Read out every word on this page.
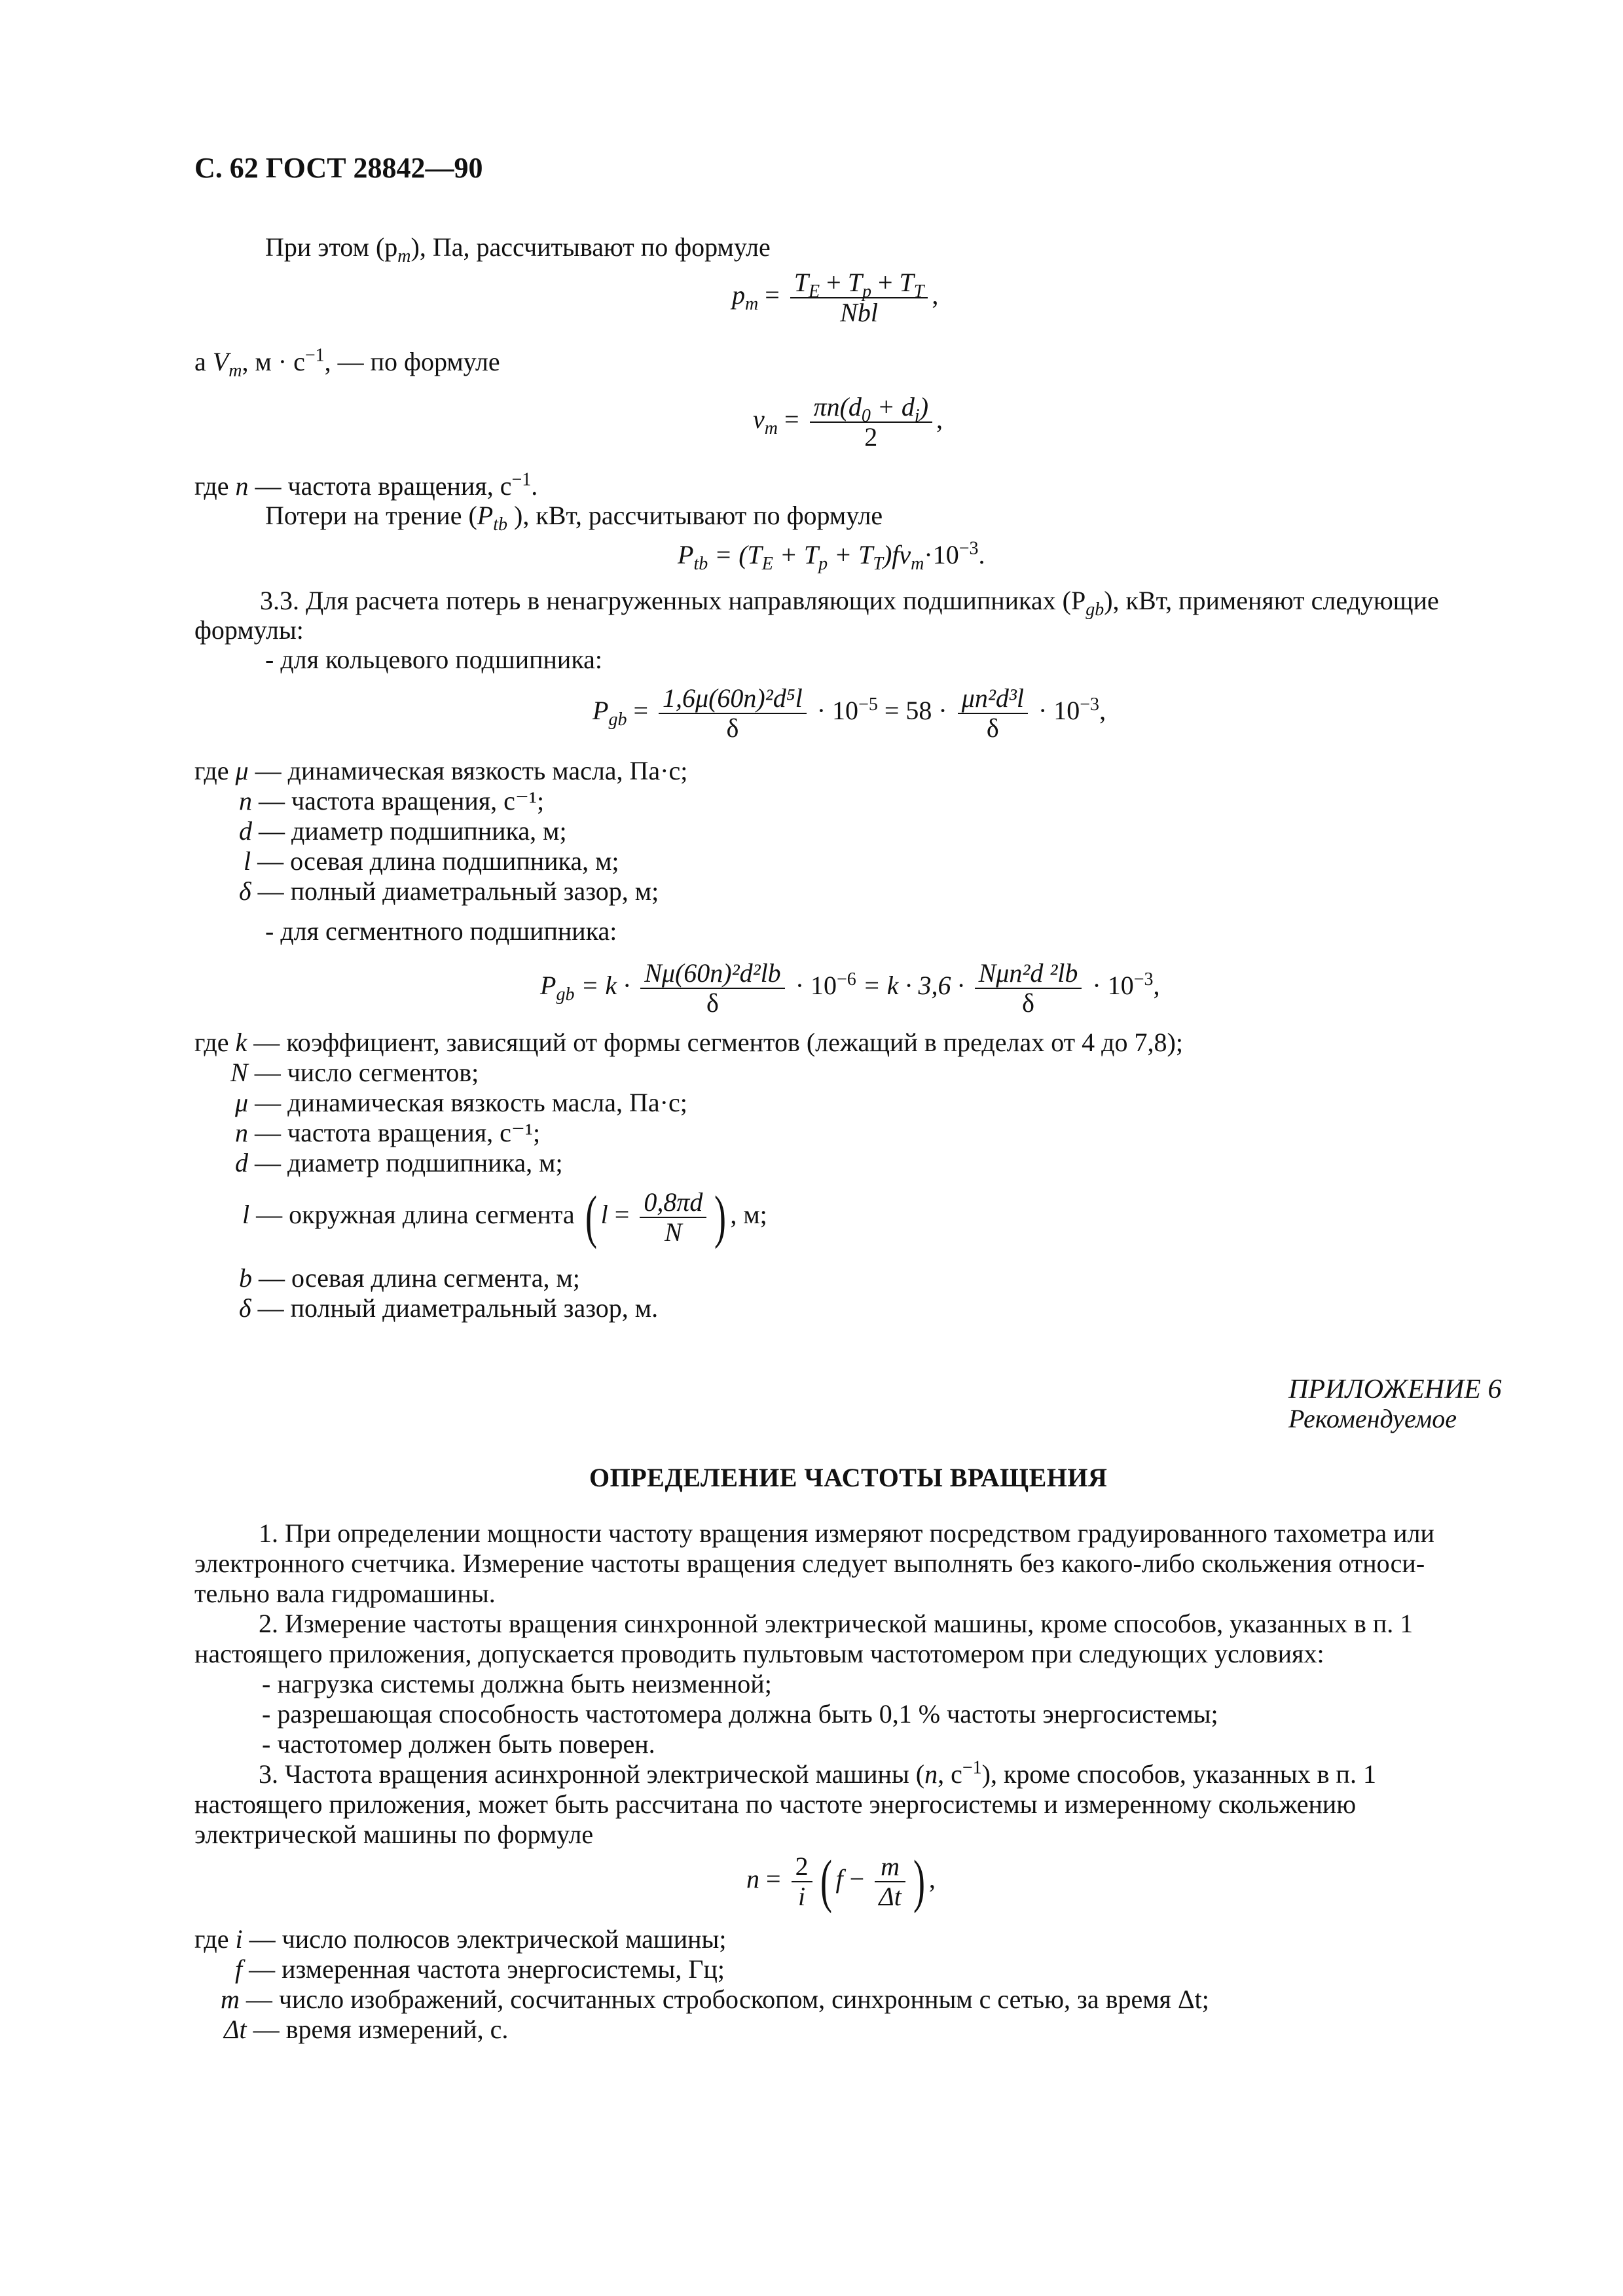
С. 62 ГОСТ 28842—90
При этом $(p_m)$, Па, рассчитывают по формуле
$p_m = \frac{T_E + T_p + T_T}{\text{Nbl}}$ ,
а $V_m$, $м \cdot с^{-1}$, — по формуле
$v_m = \frac{\pi n(d_0 + d_i)}{2}$ ,
где n — частота вращения, $с^{-1}$.
Потери на трение ($P_{tb}$ ), кВт, рассчитывают по формуле
$P_{tb} = (T_E + T_p + T_T)fv_m\cdot 10^{-3}$.
3.3. Для расчета потерь в ненагруженных направляющих подшипниках $(P_{gb})$, кВт, применяют следующие
формулы:
- для кольцевого подшипника:
$P_{gb} = \frac{\text{1,6μ(60n)²d⁵l}}{\delta} \cdot 10^{-5} = 58 \cdot \frac{\text{μn²d³l}}{\delta} \cdot 10^{-3}$,
где μ — динамическая вязкость масла, Па·с;
n — частота вращения, с⁻¹;
d — диаметр подшипника, м;
l — осевая длина подшипника, м;
δ — полный диаметральный зазор, м;
- для сегментного подшипника:
$P_{gb} = k \cdot \frac{\text{Nμ(60n)²d²lb}}{\delta} \cdot 10^{-6} = k \cdot 3,6 \cdot \frac{\text{Nμn²d ²lb}}{\delta} \cdot 10^{-3}$,
где k — коэффициент, зависящий от формы сегментов (лежащий в пределах от 4 до 7,8);
N — число сегментов;
μ — динамическая вязкость масла, Па·с;
n — частота вращения, с⁻¹;
d — диаметр подшипника, м;
l — окружная длина сегмента ( $l = \frac{0,8\pi d}{N}$ ) , м;
b — осевая длина сегмента, м;
δ — полный диаметральный зазор, м.
ПРИЛОЖЕНИЕ 6
Рекомендуемое
ОПРЕДЕЛЕНИЕ ЧАСТОТЫ ВРАЩЕНИЯ
1. При определении мощности частоту вращения измеряют посредством градуированного тахометра или
электронного счетчика. Измерение частоты вращения следует выполнять без какого-либо скольжения относи-
тельно вала гидромашины.
2. Измерение частоты вращения синхронной электрической машины, кроме способов, указанных в п. 1
настоящего приложения, допускается проводить пультовым частотомером при следующих условиях:
- нагрузка системы должна быть неизменной;
- разрешающая способность частотомера должна быть 0,1 % частоты энергосистемы;
- частотомер должен быть поверен.
3. Частота вращения асинхронной электрической машины (n, $с^{-1}$), кроме способов, указанных в п. 1
настоящего приложения, может быть рассчитана по частоте энергосистемы и измеренному скольжению
электрической машины по формуле
$n = \frac{2}{i}$ ( $f - \frac{m}{\Delta t}$ ) ,
где i — число полюсов электрической машины;
f — измеренная частота энергосистемы, Гц;
m — число изображений, сосчитанных стробоскопом, синхронным с сетью, за время Δt;
Δt — время измерений, с.
